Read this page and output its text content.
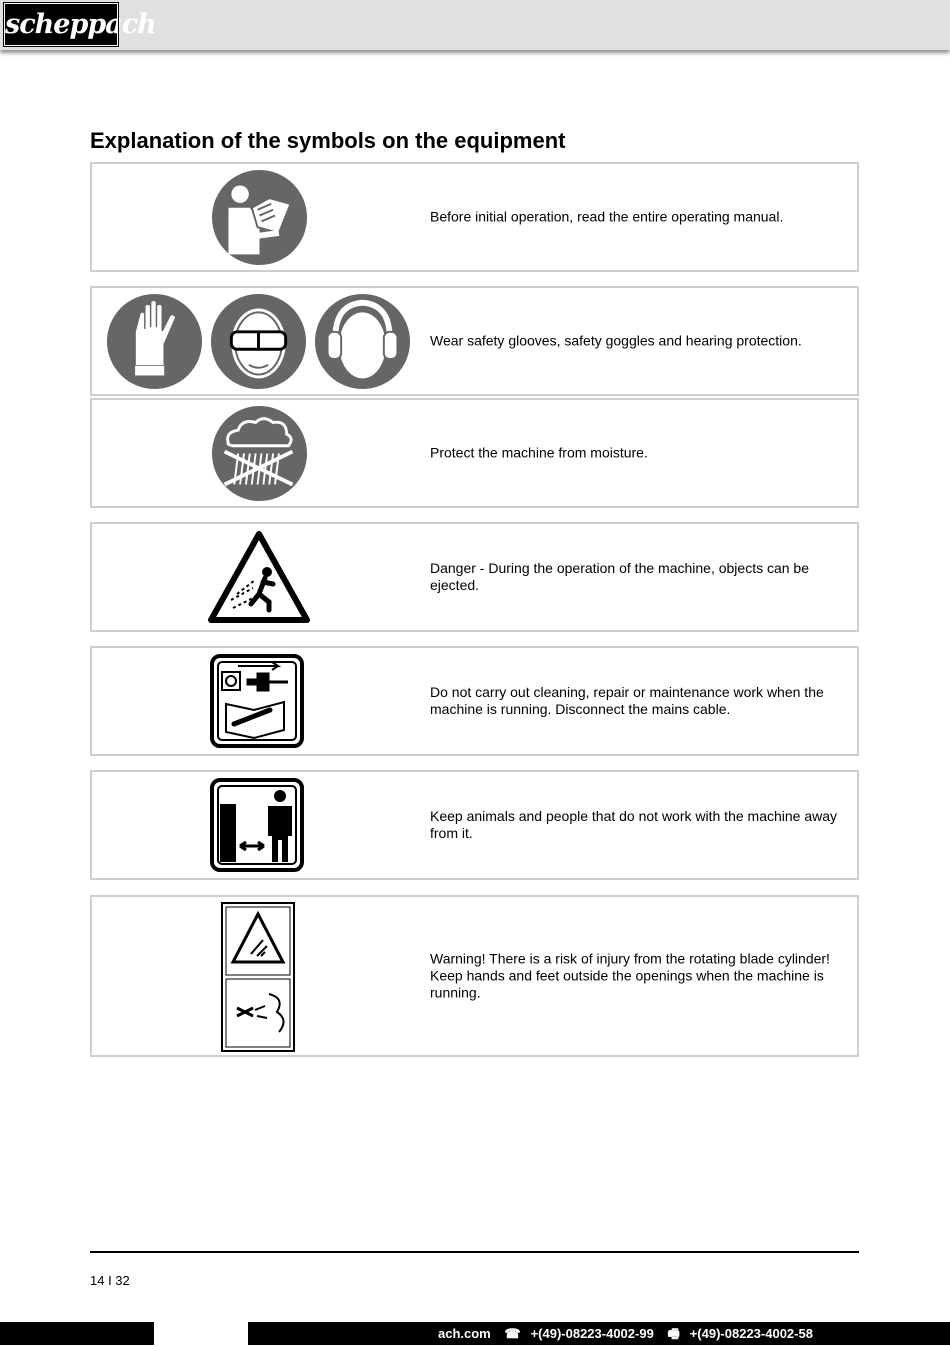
scheppach
Explanation of the symbols on the equipment
Before initial operation, read the entire operating manual.
Wear safety glooves, safety goggles and hearing protection.
Protect the machine from moisture.
Danger - During the operation of the machine, objects can be ejected.
Do not carry out cleaning, repair or maintenance work when the machine is running. Disconnect the mains cable.
Keep animals and people that do not work with the machine away from it.
Warning! There is a risk of injury from the rotating blade cylinder! Keep hands and feet outside the openings when the machine is running.
14 I 32
ach.com ☎ +(49)-08223-4002-99 🖷 +(49)-08223-4002-58
